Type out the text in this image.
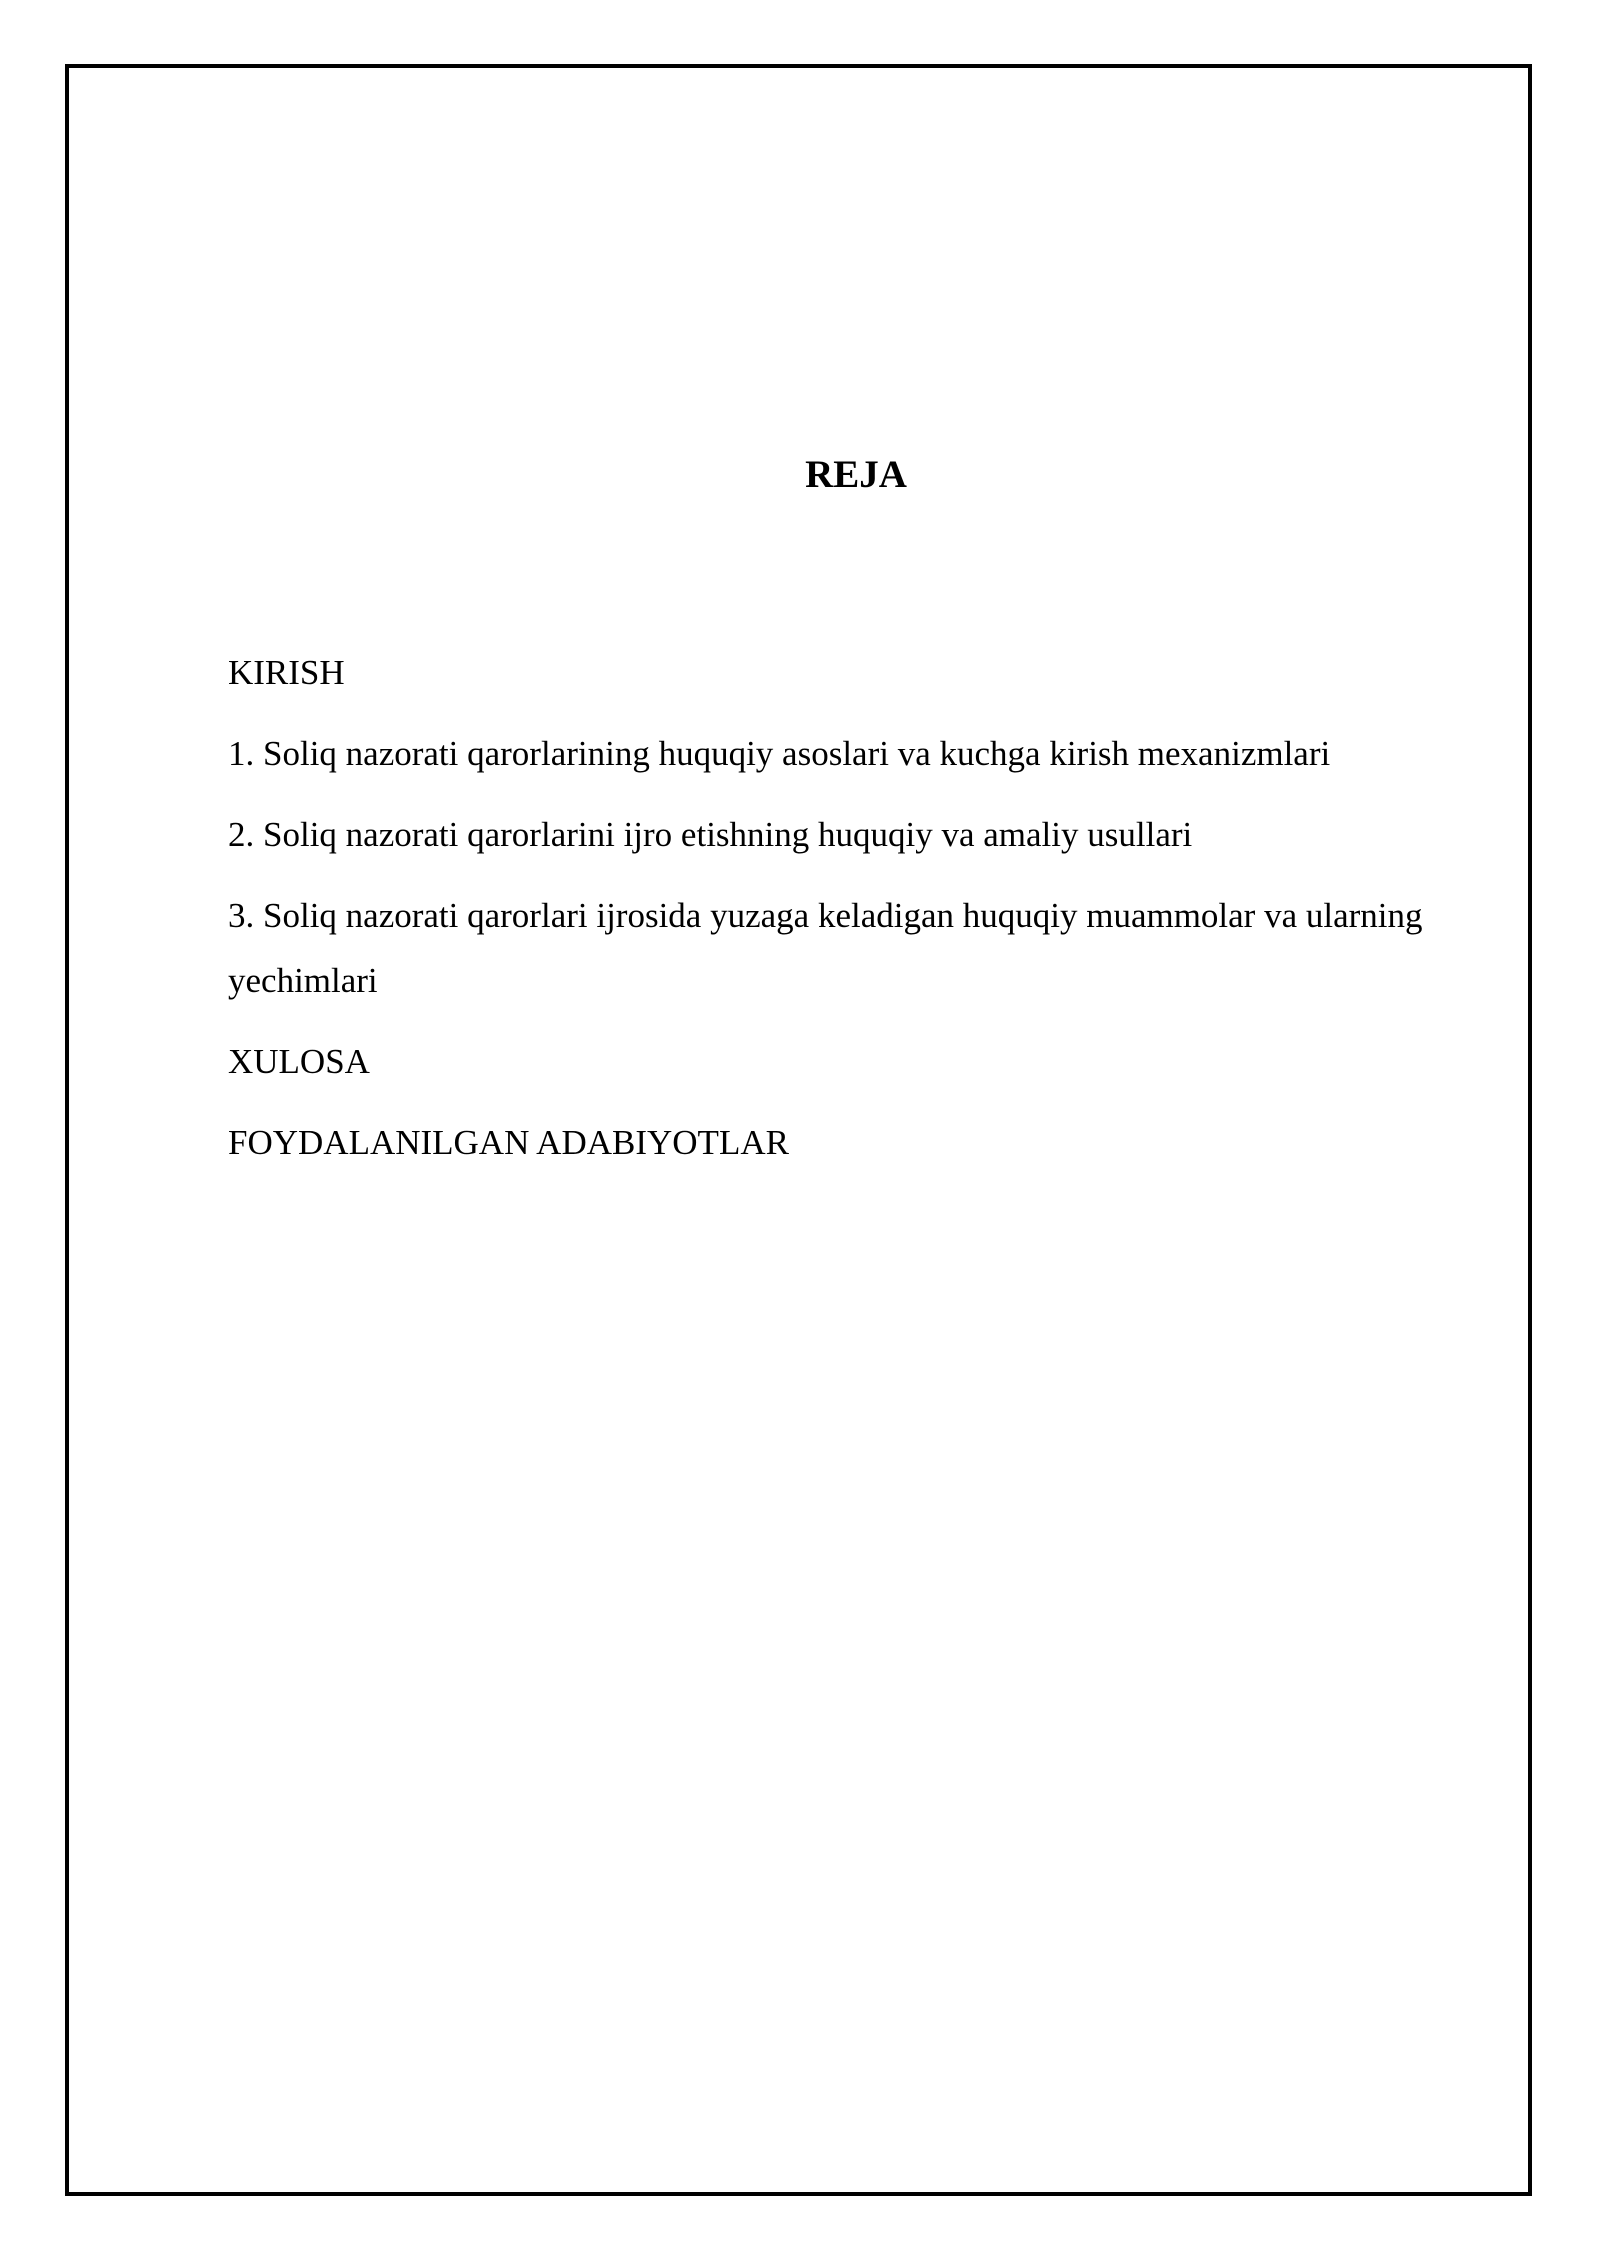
REJA
KIRISH
1. Soliq nazorati qarorlarining huquqiy asoslari va kuchga kirish mexanizmlari
2. Soliq nazorati qarorlarini ijro etishning huquqiy va amaliy usullari
3. Soliq nazorati qarorlari ijrosida yuzaga keladigan huquqiy muammolar va ularning yechimlari
XULOSA
FOYDALANILGAN ADABIYOTLAR
